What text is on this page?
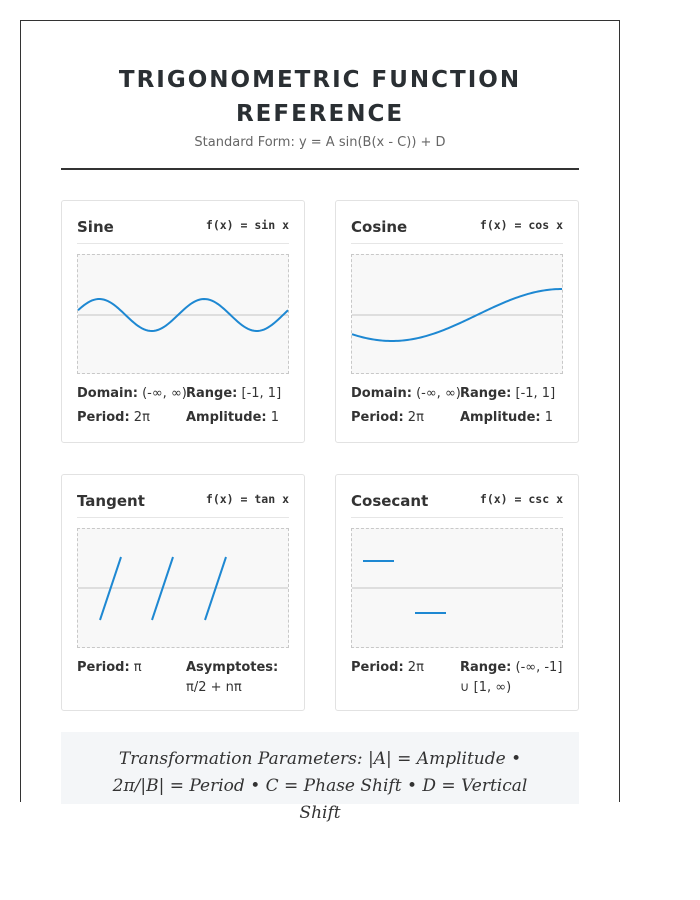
TRIGONOMETRIC FUNCTION REFERENCE
Standard Form: y = A sin(B(x - C)) + D
Sine	f(x) = sin x
Domain: (-∞, ∞) Range: [-1, 1]
Period: 2π	Amplitude: 1
Cosine	f(x) = cos x
Domain: (-∞, ∞) Range: [-1, 1]
Period: 2π	Amplitude: 1
Tangent	f(x) = tan x
Period: π	Asymptotes: π/2 + nπ
Cosecant	f(x) = csc x
Period: 2π	Range: (-∞, -1] ∪ [1, ∞)
Transformation Parameters: |A| = Amplitude • 2π/|B| = Period • C = Phase Shift • D = Vertical Shift
